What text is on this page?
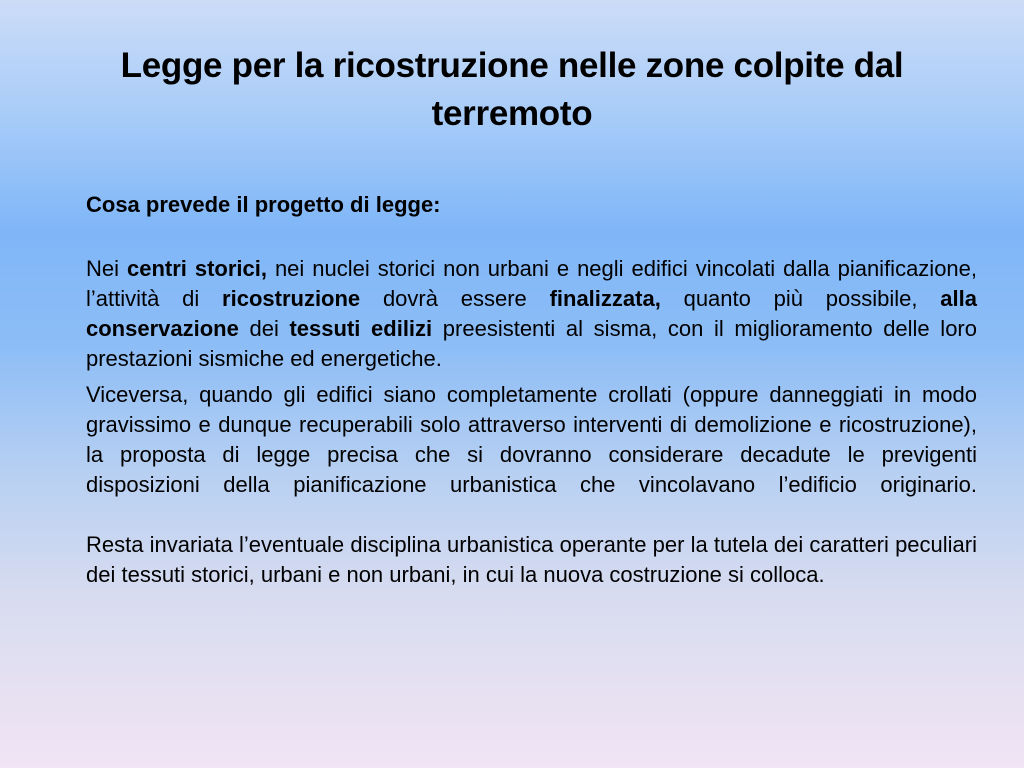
Legge per la ricostruzione nelle zone colpite dal terremoto

Cosa prevede il progetto di legge:

Nei centri storici, nei nuclei storici non urbani e negli edifici vincolati dalla pianificazione, l’attività di ricostruzione dovrà essere finalizzata, quanto più possibile, alla conservazione dei tessuti edilizi preesistenti al sisma, con il miglioramento delle loro prestazioni sismiche ed energetiche.

Viceversa, quando gli edifici siano completamente crollati (oppure danneggiati in modo gravissimo e dunque recuperabili solo attraverso interventi di demolizione e ricostruzione), la proposta di legge precisa che si dovranno considerare decadute le previgenti disposizioni della pianificazione urbanistica che vincolavano l’edificio originario.

Resta invariata l’eventuale disciplina urbanistica operante per la tutela dei caratteri peculiari dei tessuti storici, urbani e non urbani, in cui la nuova costruzione si colloca.
